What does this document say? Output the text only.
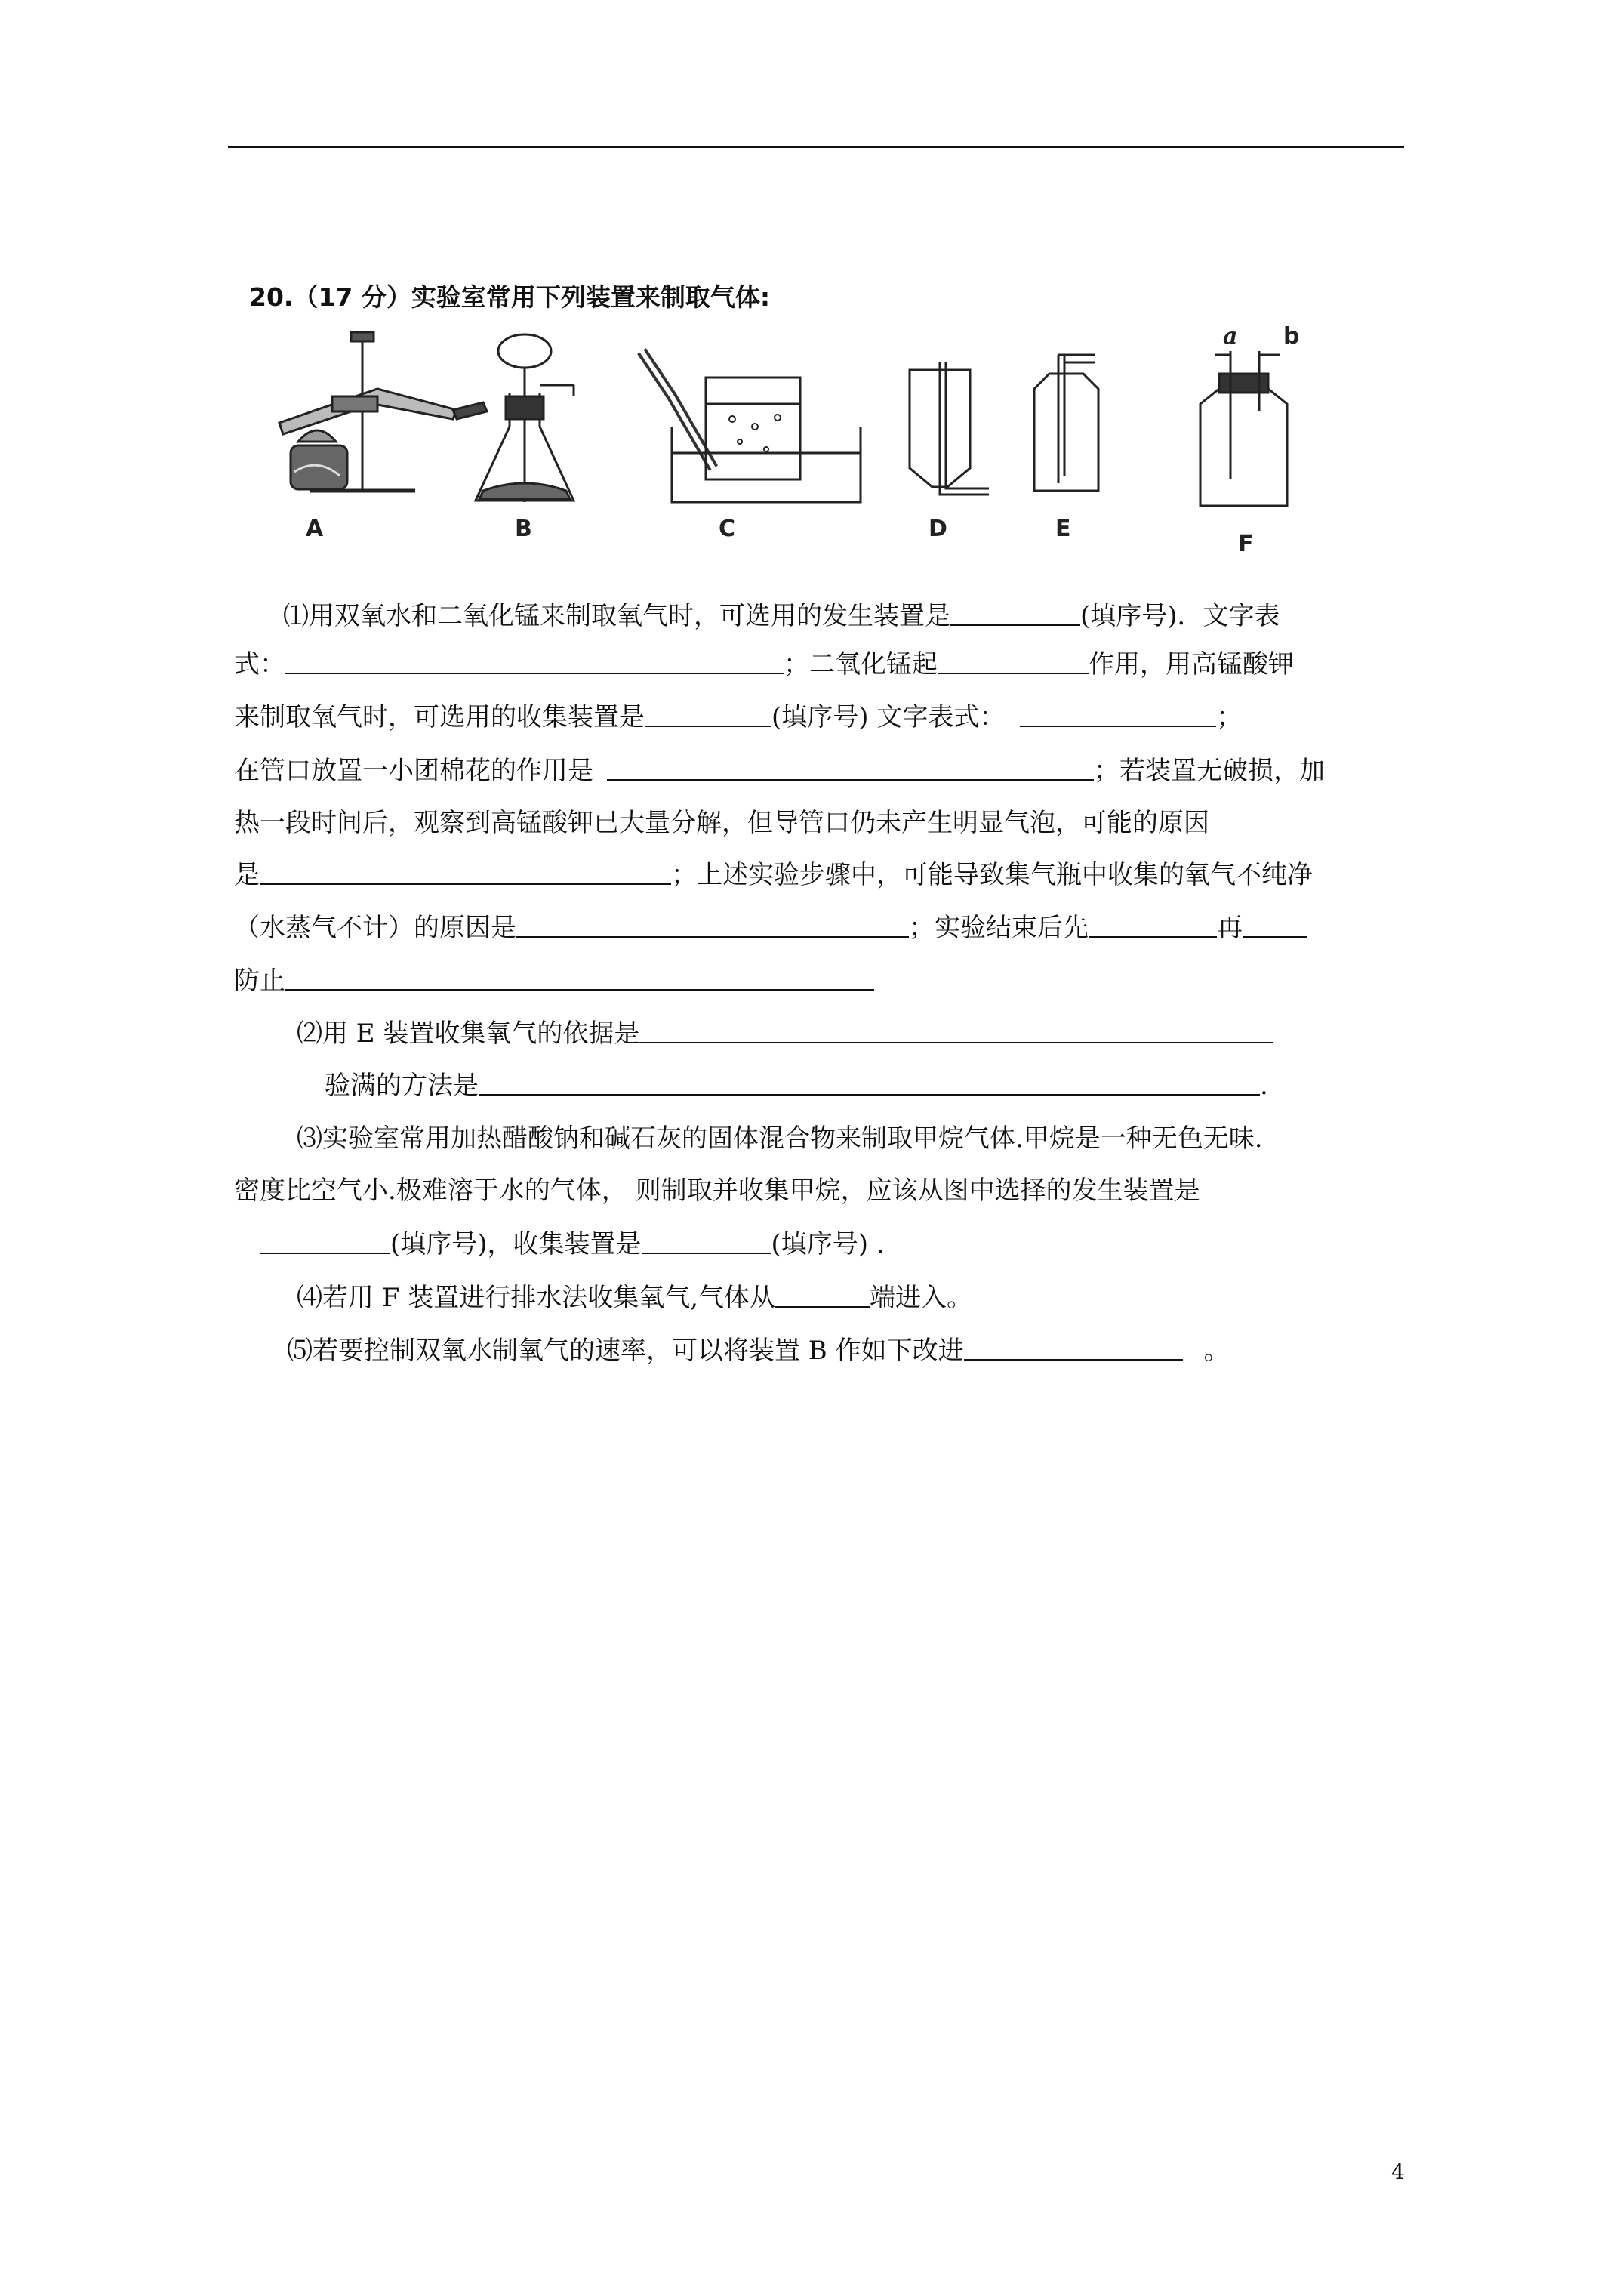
20.（17 分）实验室常用下列装置来制取气体:
A	B	C	D	E
a b
F
⑴用双氧水和二氧化锰来制取氧气时，可选用的发生装置是	(填序号)．文字表
式：	；二氧化锰起	作用，用高锰酸钾
来制取氧气时，可选用的收集装置是	(填序号) 文字表式：	；
在管口放置一小团棉花的作用是	；若装置无破损，加
热一段时间后，观察到高锰酸钾已大量分解，但导管口仍未产生明显气泡，可能的原因
是	；上述实验步骤中，可能导致集气瓶中收集的氧气不纯净
（水蒸气不计）的原因是	；实验结束后先	再
防止
⑵用 E 装置收集氧气的依据是
验满的方法是	.
⑶实验室常用加热醋酸钠和碱石灰的固体混合物来制取甲烷气体.甲烷是一种无色无味.
密度比空气小.极难溶于水的气体， 则制取并收集甲烷，应该从图中选择的发生装置是
(填序号)，收集装置是	(填序号) .
⑷若用 F 装置进行排水法收集氧气,气体从	端进入。
⑸若要控制双氧水制氧气的速率，可以将装置 B 作如下改进	。
4
